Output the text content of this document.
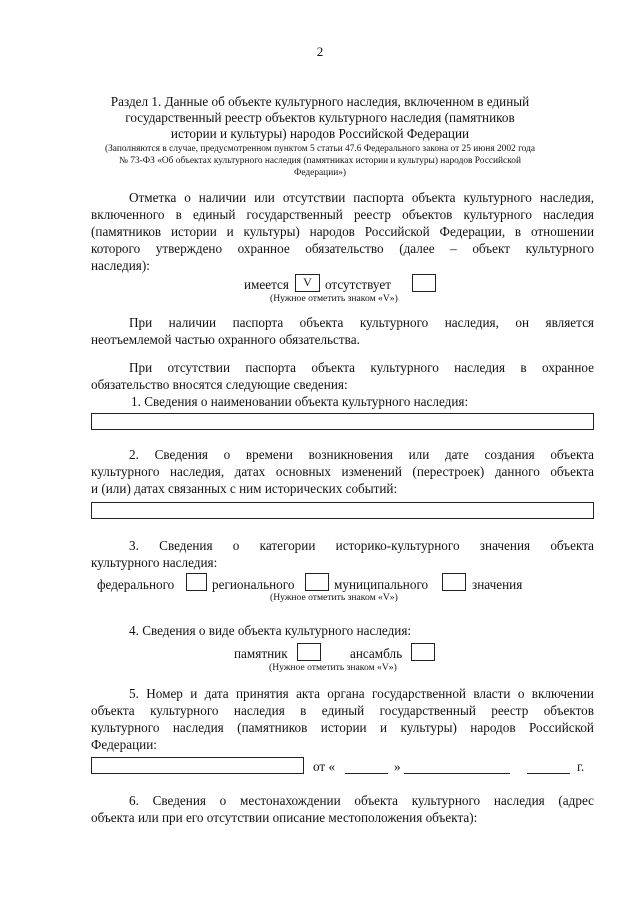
2
Раздел 1. Данные об объекте культурного наследия, включенном в единый
государственный реестр объектов культурного наследия (памятников
истории и культуры) народов Российской Федерации
(Заполняются в случае, предусмотренном пунктом 5 статьи 47.6 Федерального закона от 25 июня 2002 года
№ 73-ФЗ «Об объектах культурного наследия (памятниках истории и культуры) народов Российской
Федерации»)
Отметка о наличии или отсутствии паспорта объекта культурного наследия,
включенного в единый государственный реестр объектов культурного наследия
(памятников истории и культуры) народов Российской Федерации, в отношении
которого утверждено охранное обязательство (далее – объект культурного
наследия):
имеется	V отсутствует
(Нужное отметить знаком «V»)
При наличии паспорта объекта культурного наследия, он является
неотъемлемой частью охранного обязательства.
При отсутствии паспорта объекта культурного наследия в охранное
обязательство вносятся следующие сведения:
1. Сведения о наименовании объекта культурного наследия:
2. Сведения о времени возникновения или дате создания объекта
культурного наследия, датах основных изменений (перестроек) данного объекта
и (или) датах связанных с ним исторических событий:
3. Сведения о категории историко-культурного значения объекта
культурного наследия:
федерального	регионального	муниципального	значения
(Нужное отметить знаком «V»)
4. Сведения о виде объекта культурного наследия:
памятник	ансамбль
(Нужное отметить знаком «V»)
5. Номер и дата принятия акта органа государственной власти о включении
объекта культурного наследия в единый государственный реестр объектов
культурного наследия (памятников истории и культуры) народов Российской
Федерации:
от «	»	г.
6. Сведения о местонахождении объекта культурного наследия (адрес
объекта или при его отсутствии описание местоположения объекта):
